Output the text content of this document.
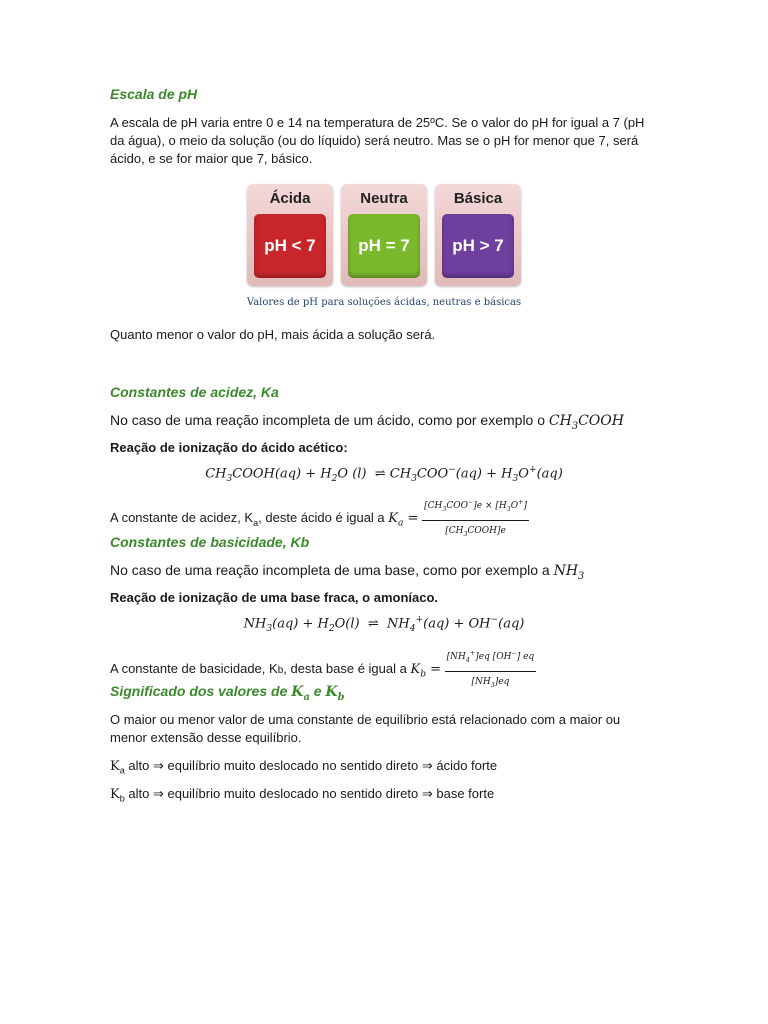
Escala de pH

A escala de pH varia entre 0 e 14 na temperatura de 25ºC. Se o valor do pH for igual a 7 (pH da água), o meio da solução (ou do líquido) será neutro. Mas se o pH for menor que 7, será ácido, e se for maior que 7, básico.

Ácida
pH < 7
Neutra
pH = 7
Básica
pH > 7
Valores de pH para soluções ácidas, neutras e básicas

Quanto menor o valor do pH, mais ácida a solução será.

Constantes de acidez, Ka

No caso de uma reação incompleta de um ácido, como por exemplo o $CH_3COOH$

Reação de ionização do ácido acético:

$CH_3COOH(aq) + H_2O$ (l)  ⇌ $CH_3COO^-(aq) + H_3O^+(aq)$

A constante de acidez, $K_a$, deste ácido é igual a $K_a = \frac{[CH_3COO^-]e \times [H_3O^+]}{[CH_3COOH]e}$

Constantes de basicidade, Kb

No caso de uma reação incompleta de uma base, como por exemplo a $NH_3$

Reação de ionização de uma base fraca, o amoníaco.

$NH_3(aq) + H_2O(l)$  ⇌  $NH_4^+(aq) + OH^-(aq)$

A constante de basicidade, Kb, desta base é igual a $K_b = \frac{[NH_4^+]eq [OH^-] eq}{[NH_3]eq}$

Significado dos valores de $K_a$ e $K_b$

O maior ou menor valor de uma constante de equilíbrio está relacionado com a maior ou menor extensão desse equilíbrio.

$K_a$ alto ⇒ equilíbrio muito deslocado no sentido direto ⇒ ácido forte

$K_b$ alto ⇒ equilíbrio muito deslocado no sentido direto ⇒ base forte
